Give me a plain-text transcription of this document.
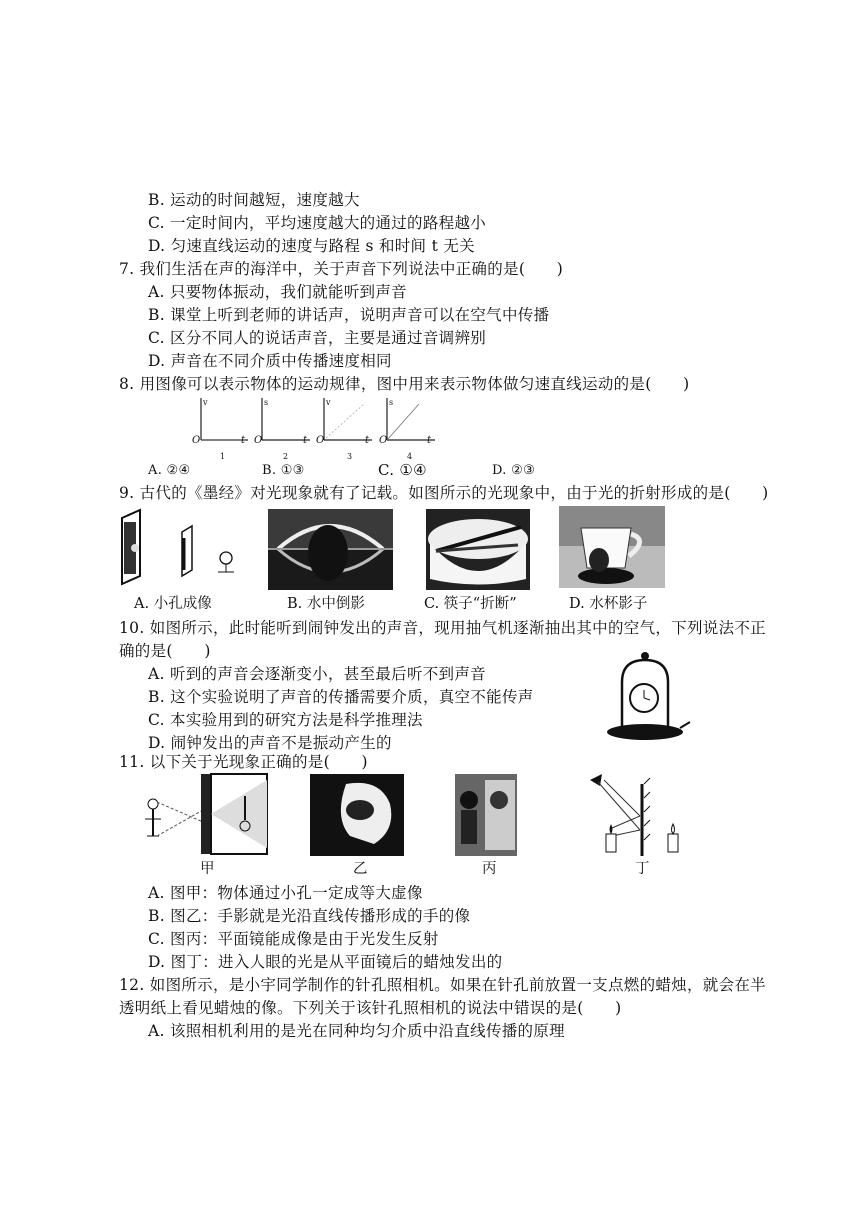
B. 运动的时间越短，速度越大
C. 一定时间内，平均速度越大的通过的路程越小
D. 匀速直线运动的速度与路程 s 和时间 t 无关
7. 我们生活在声的海洋中，关于声音下列说法中正确的是(　　)
A. 只要物体振动，我们就能听到声音
B. 课堂上听到老师的讲话声，说明声音可以在空气中传播
C. 区分不同人的说话声音，主要是通过音调辨别
D. 声音在不同介质中传播速度相同
8. 用图像可以表示物体的运动规律，图中用来表示物体做匀速直线运动的是(　　)
v
O	t
1
s
O	t
2
v
O	t
3
s
O	t
4
A. ②④	B. ①③	C. ①④	D. ②③
9. 古代的《墨经》对光现象就有了记载。如图所示的光现象中，由于光的折射形成的是(　　)
A. 小孔成像	B. 水中倒影	C. 筷子“折断”	D. 水杯影子
10. 如图所示，此时能听到闹钟发出的声音，现用抽气机逐渐抽出其中的空气，下列说法不正
确的是(　　)
A. 听到的声音会逐渐变小，甚至最后听不到声音
B. 这个实验说明了声音的传播需要介质，真空不能传声
C. 本实验用到的研究方法是科学推理法
D. 闹钟发出的声音不是振动产生的
11. 以下关于光现象正确的是(　　)
甲	乙	丙	丁
A. 图甲：物体通过小孔一定成等大虚像
B. 图乙：手影就是光沿直线传播形成的手的像
C. 图丙：平面镜能成像是由于光发生反射
D. 图丁：进入人眼的光是从平面镜后的蜡烛发出的
12. 如图所示，是小宇同学制作的针孔照相机。如果在针孔前放置一支点燃的蜡烛，就会在半
透明纸上看见蜡烛的像。下列关于该针孔照相机的说法中错误的是(　　)
A. 该照相机利用的是光在同种均匀介质中沿直线传播的原理
